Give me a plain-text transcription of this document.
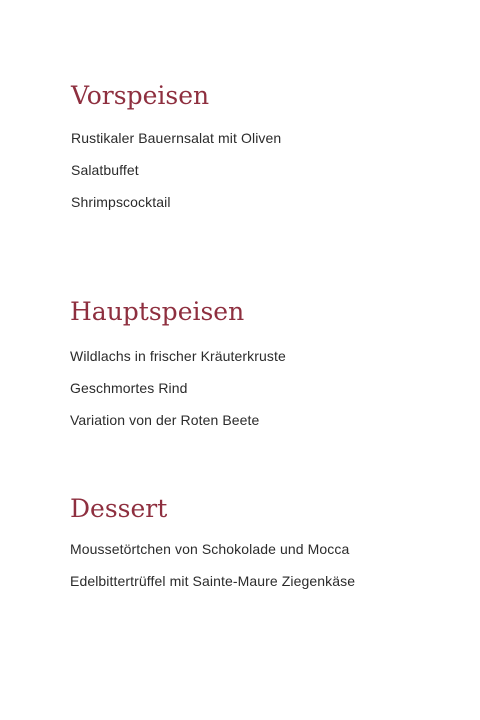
Vorspeisen

Rustikaler Bauernsalat mit Oliven

Salatbuffet

Shrimpscocktail

Hauptspeisen

Wildlachs in frischer Kräuterkruste

Geschmortes Rind

Variation von der Roten Beete

Dessert

Moussetörtchen von Schokolade und Mocca

Edelbittertrüffel mit Sainte-Maure Ziegenkäse
